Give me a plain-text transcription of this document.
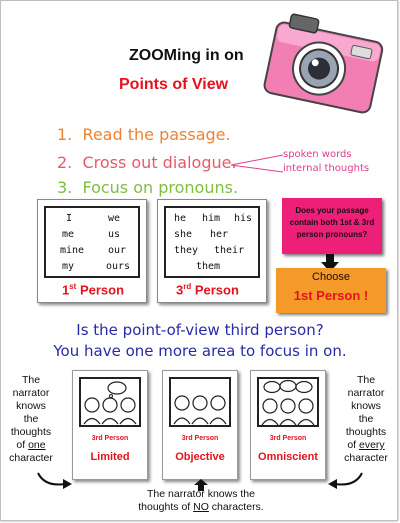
ZOOMing in on
Points of View
1. Read the passage.
2. Cross out dialogue.
3. Focus on pronouns.
spoken words
internal thoughts
I	we
me	us
mine our
my	ours
1st Person
he him his
she her
they their
them
3rd Person
Does your passage contain both 1st & 3rd person pronouns?
Choose
1st Person !
Is the point-of-view third person?
You have one more area to focus in on.
The
narrator
knows
the
thoughts
of one
character
The
narrator
knows
the
thoughts
of every
character
3rd Person
Limited
3rd Person
Objective
3rd Person
Omniscient
The narrator knows the
thoughts of NO characters.
